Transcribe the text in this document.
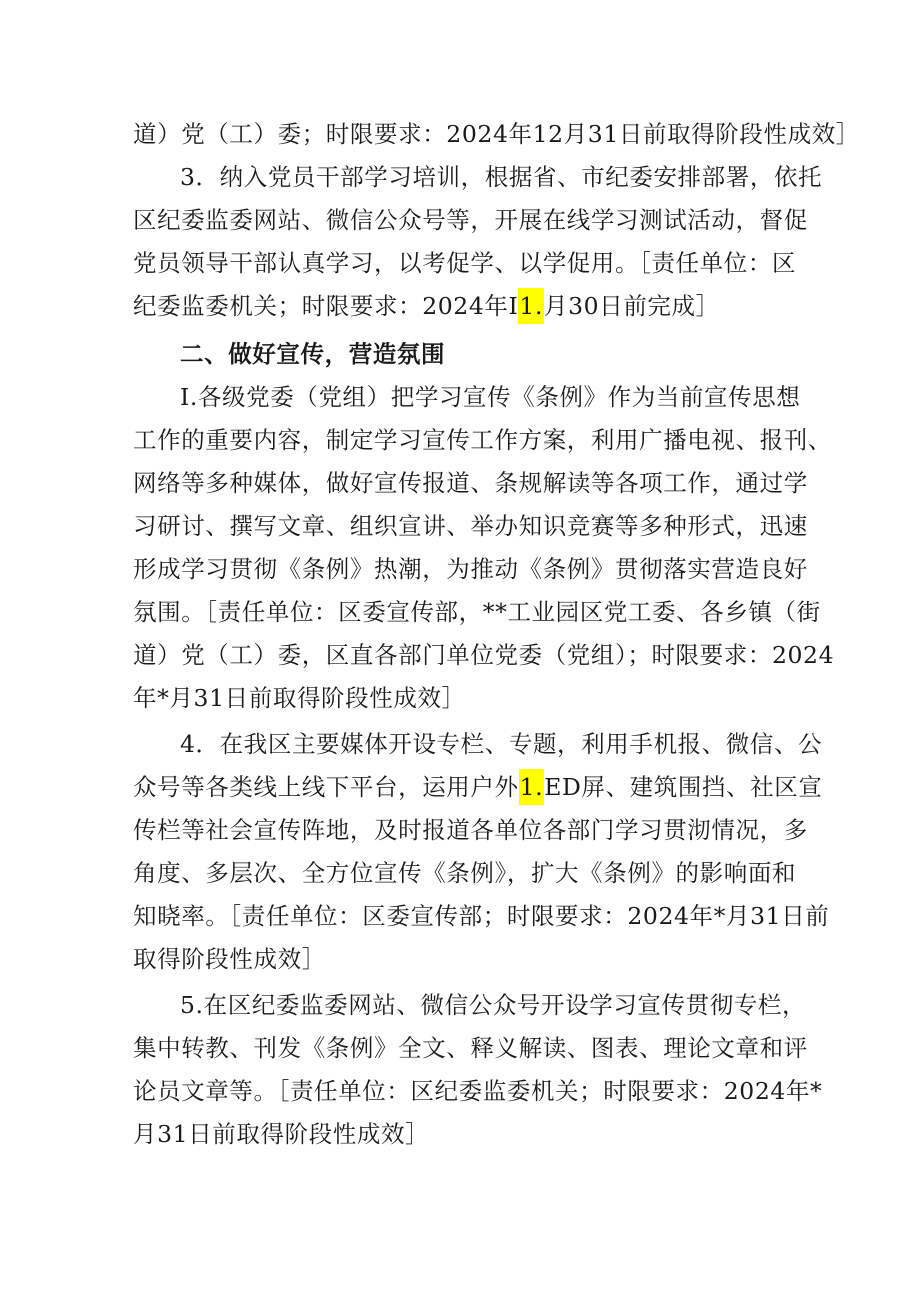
道）党（工）委；时限要求：2024年12月31日前取得阶段性成效］
3．纳入党员干部学习培训，根据省、市纪委安排部署，依托
区纪委监委网站、微信公众号等，开展在线学习测试活动，督促
党员领导干部认真学习，以考促学、以学促用。［责任单位：区
纪委监委机关；时限要求：2024年I1.月30日前完成］
二、做好宣传，营造氛围
I.各级党委（党组）把学习宣传《条例》作为当前宣传思想
工作的重要内容，制定学习宣传工作方案，利用广播电视、报刊、
网络等多种媒体，做好宣传报道、条规解读等各项工作，通过学
习研讨、撰写文章、组织宣讲、举办知识竞赛等多种形式，迅速
形成学习贯彻《条例》热潮，为推动《条例》贯彻落实营造良好
氛围。［责任单位：区委宣传部，**工业园区党工委、各乡镇（街
道）党（工）委，区直各部门单位党委（党组）；时限要求：2024
年*月31日前取得阶段性成效］
4．在我区主要媒体开设专栏、专题，利用手机报、微信、公
众号等各类线上线下平台，运用户外1.ED屏、建筑围挡、社区宣
传栏等社会宣传阵地，及时报道各单位各部门学习贯沏情况，多
角度、多层次、全方位宣传《条例》，扩大《条例》的影响面和
知晓率。［责任单位：区委宣传部；时限要求：2024年*月31日前
取得阶段性成效］
5.在区纪委监委网站、微信公众号开设学习宣传贯彻专栏，
集中转教、刊发《条例》全文、释义解读、图表、理论文章和评
论员文章等。［责任单位：区纪委监委机关；时限要求：2024年*
月31日前取得阶段性成效］
